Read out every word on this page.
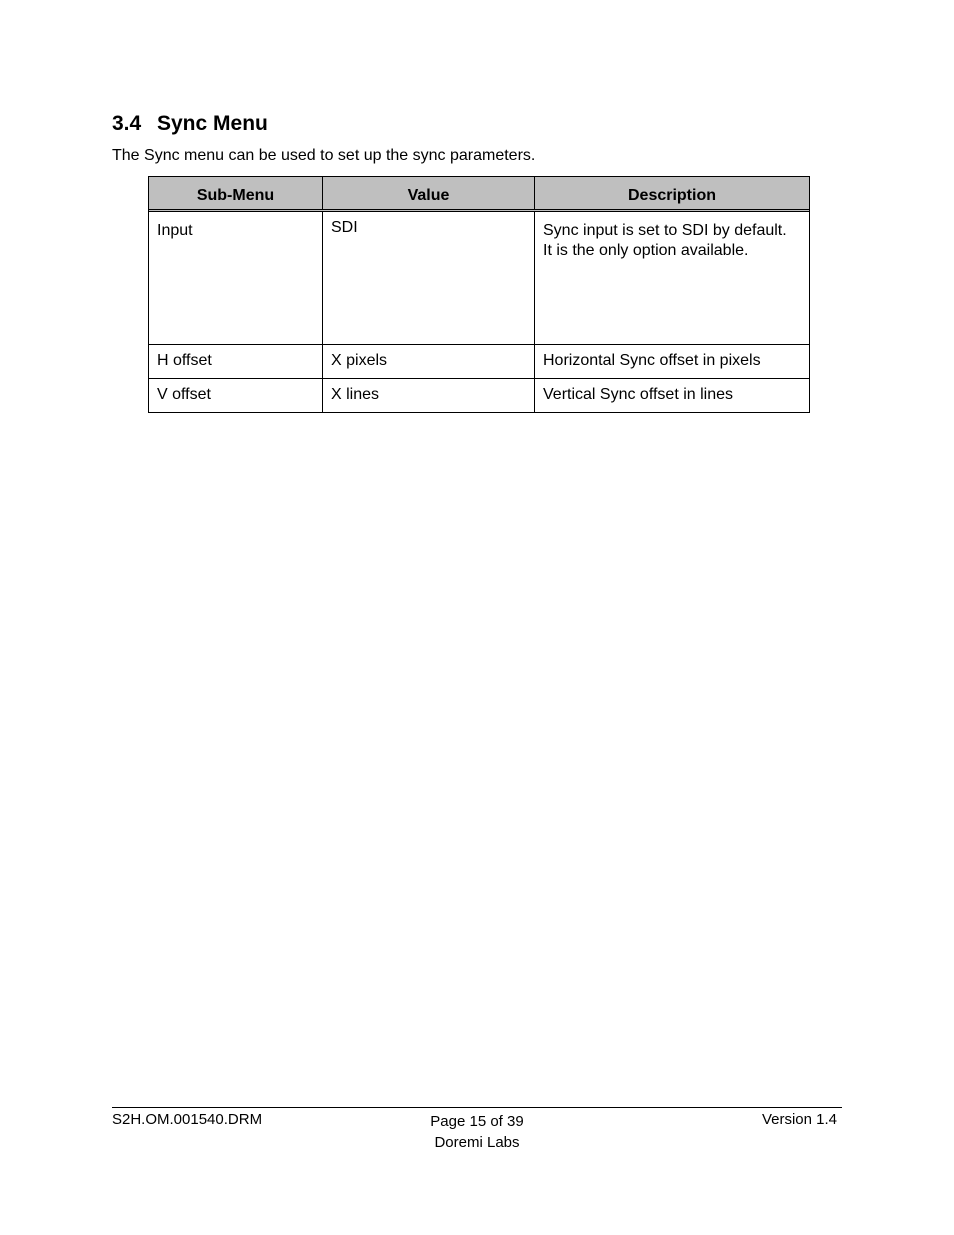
3.4 Sync Menu
The Sync menu can be used to set up the sync parameters.
Sub-Menu	Value	Description
Input	SDI	Sync input is set to SDI by default.  It is the only option available.
H offset	X pixels	Horizontal Sync offset in pixels
V offset	X lines	Vertical Sync offset in lines
S2H.OM.001540.DRM	Page 15 of 39
Doremi Labs
Version 1.4
